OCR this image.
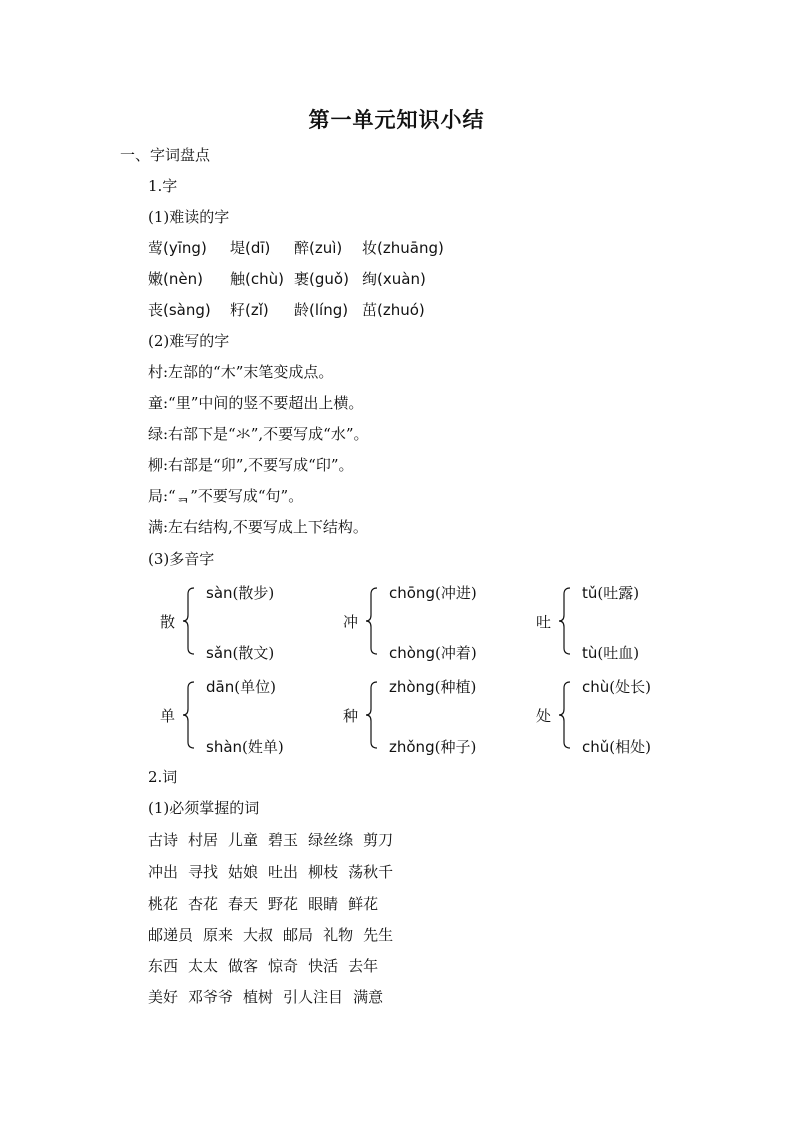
第一单元知识小结
一、字词盘点
1.字
(1)难读的字
莺(yīng) 堤(dī) 醉(zuì) 妆(zhuāng)
嫩(nèn) 触(chù) 裹(guǒ) 绚(xuàn)
丧(sàng) 籽(zǐ) 龄(líng) 茁(zhuó)
(2)难写的字
村:左部的“木”末笔变成点。
童:“里”中间的竖不要超出上横。
绿:右部下是“氺”,不要写成“水”。
柳:右部是“卯”,不要写成“印”。
局:“ᆿ”不要写成“句”。
满:左右结构,不要写成上下结构。
(3)多音字
散
sàn(散步)
sǎn(散文)
冲
chōng(冲进)
chòng(冲着)
吐
tǔ(吐露)
tù(吐血)
单
dān(单位)
shàn(姓单)
种
zhòng(种植)
zhǒng(种子)
处
chù(处长)
chǔ(相处)
2.词
(1)必须掌握的词
古诗 村居 儿童 碧玉 绿丝绦 剪刀
冲出 寻找 姑娘 吐出 柳枝 荡秋千
桃花 杏花 春天 野花 眼睛 鲜花
邮递员 原来 大叔 邮局 礼物 先生
东西 太太 做客 惊奇 快活 去年
美好 邓爷爷 植树 引人注目 满意
